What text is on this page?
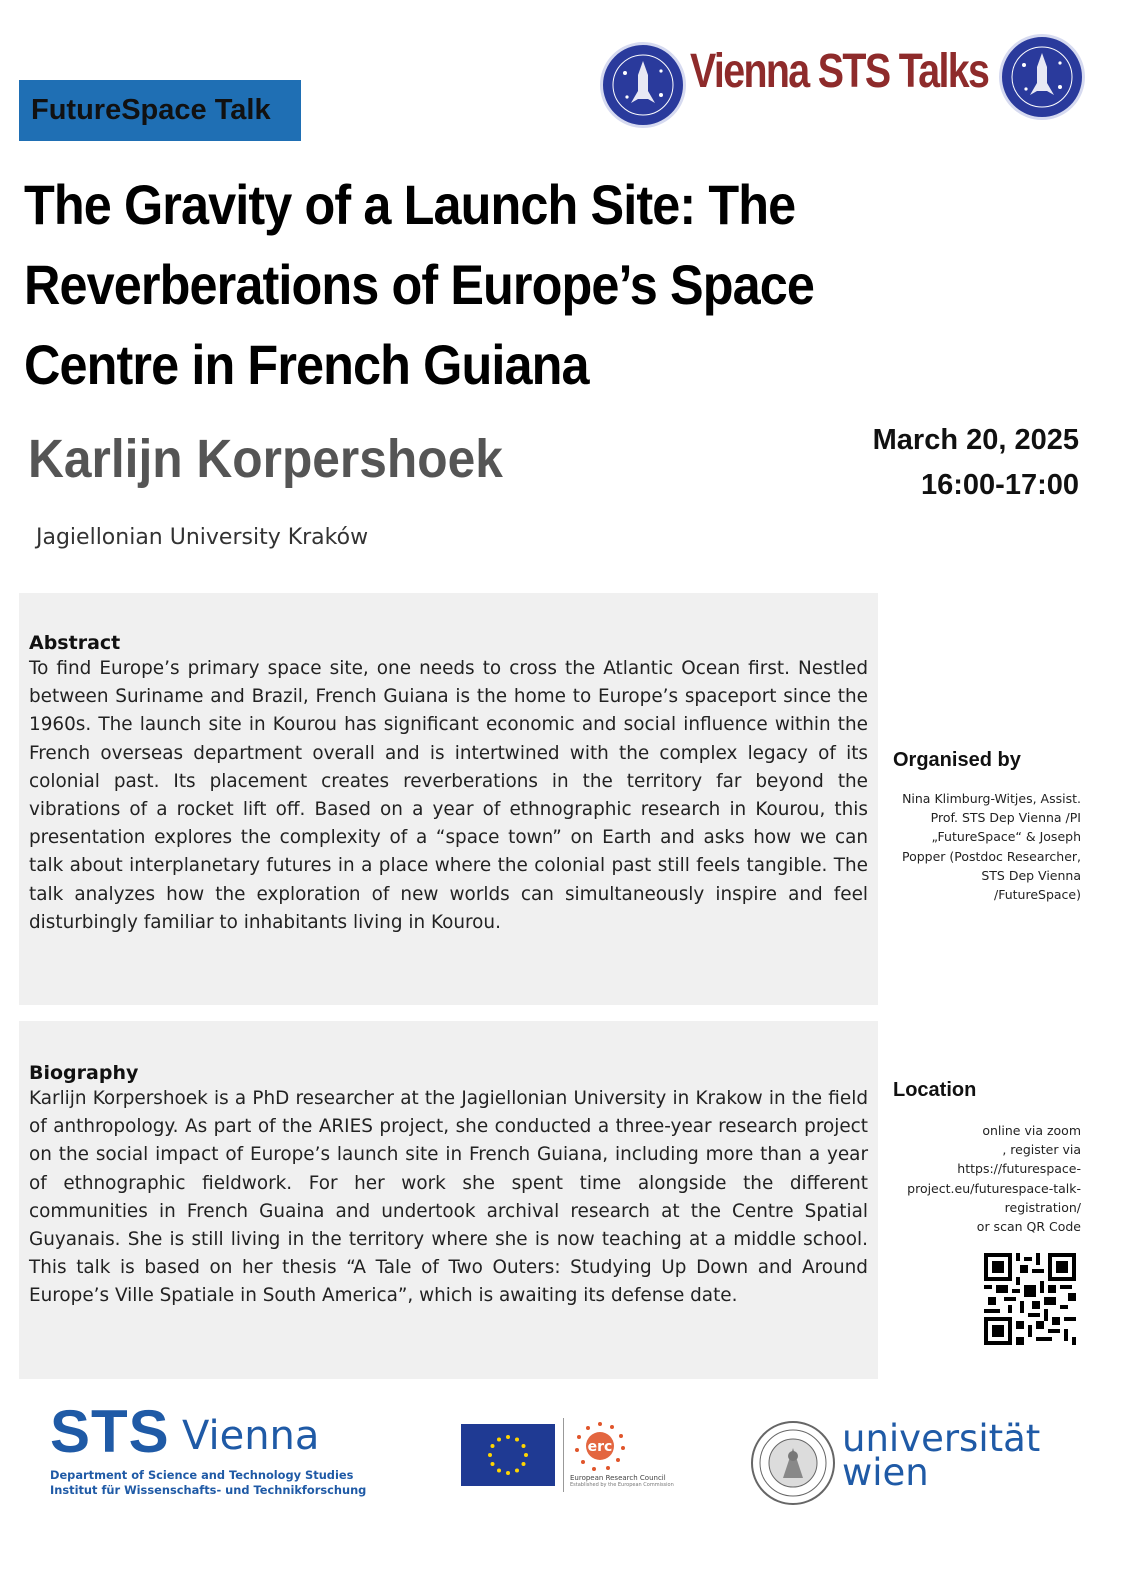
FutureSpace Talk
Vienna STS Talks
The Gravity of a Launch Site: The Reverberations of Europe’s Space Centre in French Guiana
Karlijn Korpershoek
Jagiellonian University Kraków
March 20, 2025
16:00-17:00
Abstract

To find Europe’s primary space site, one needs to cross the Atlantic Ocean first. Nestled between Suriname and Brazil, French Guiana is the home to Europe’s spaceport since the 1960s. The launch site in Kourou has significant economic and social influence within the French overseas department overall and is intertwined with the complex legacy of its colonial past. Its placement creates reverberations in the territory far beyond the vibrations of a rocket lift off. Based on a year of ethnographic research in Kourou, this presentation explores the complexity of a “space town” on Earth and asks how we can talk about interplanetary futures in a place where the colonial past still feels tangible. The talk analyzes how the exploration of new worlds can simultaneously inspire and feel disturbingly familiar to inhabitants living in Kourou.

Biography

Karlijn Korpershoek is a PhD researcher at the Jagiellonian University in Krakow in the field of anthropology. As part of the ARIES project, she conducted a three-year research project on the social impact of Europe’s launch site in French Guiana, including more than a year of ethnographic fieldwork. For her work she spent time alongside the different communities in French Guaina and undertook archival research at the Centre Spatial Guyanais. She is still living in the territory where she is now teaching at a middle school. This talk is based on her thesis “A Tale of Two Outers: Studying Up Down and Around Europe’s Ville Spatiale in South America”, which is awaiting its defense date.

Organised by
Nina Klimburg-Witjes, Assist.
Prof. STS Dep Vienna /PI
„FutureSpace“ & Joseph
Popper (Postdoc Researcher,
STS Dep Vienna
/FutureSpace)
Location
online via zoom
, register via
https://futurespace-
project.eu/futurespace-talk-
registration/
or scan QR Code
STS Vienna
Department of Science and Technology Studies
Institut für Wissenschafts- und Technikforschung
erc
European Research Council
Established by the European Commission
universität
wien
